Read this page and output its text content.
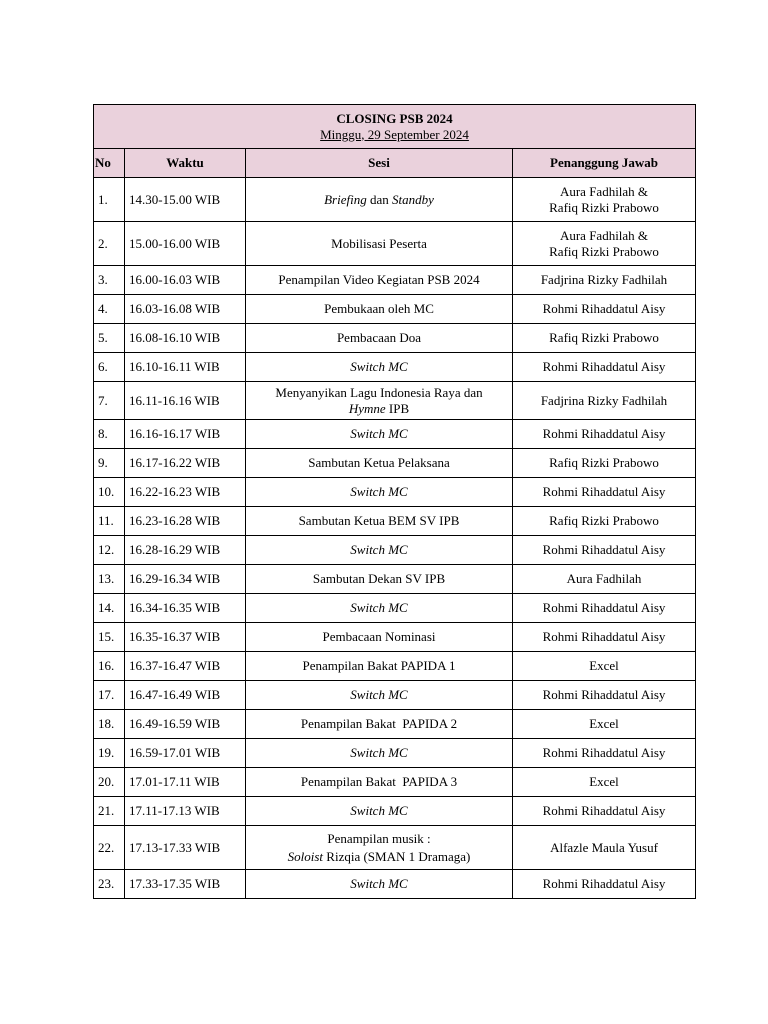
CLOSING PSB 2024
Minggu, 29 September 2024			

No	Waktu	Sesi	Penanggung Jawab
1.	14.30-15.00 WIB	Briefing dan Standby	Aura Fadhilah &
Rafiq Rizki Prabowo

2.	15.00-16.00 WIB	Mobilisasi Peserta	Aura Fadhilah &
Rafiq Rizki Prabowo

3.	16.00-16.03 WIB	Penampilan Video Kegiatan PSB 2024	Fadjrina Rizky Fadhilah
4.	16.03-16.08 WIB	Pembukaan oleh MC	Rohmi Rihaddatul Aisy
5.	16.08-16.10 WIB	Pembacaan Doa	Rafiq Rizki Prabowo
6.	16.10-16.11 WIB	Switch MC	Rohmi Rihaddatul Aisy
7.	16.11-16.16 WIB	Menyanyikan Lagu Indonesia Raya dan
Hymne IPB	Fadjrina Rizky Fadhilah
8.	16.16-16.17 WIB	Switch MC	Rohmi Rihaddatul Aisy
9.	16.17-16.22 WIB	Sambutan Ketua Pelaksana	Rafiq Rizki Prabowo
10.	16.22-16.23 WIB	Switch MC	Rohmi Rihaddatul Aisy
11.	16.23-16.28 WIB	Sambutan Ketua BEM SV IPB	Rafiq Rizki Prabowo
12.	16.28-16.29 WIB	Switch MC	Rohmi Rihaddatul Aisy
13.	16.29-16.34 WIB	Sambutan Dekan SV IPB	Aura Fadhilah
14.	16.34-16.35 WIB	Switch MC	Rohmi Rihaddatul Aisy
15.	16.35-16.37 WIB	Pembacaan Nominasi	Rohmi Rihaddatul Aisy
16.	16.37-16.47 WIB	Penampilan Bakat PAPIDA 1	Excel
17.	16.47-16.49 WIB	Switch MC	Rohmi Rihaddatul Aisy
18.	16.49-16.59 WIB	Penampilan Bakat  PAPIDA 2	Excel
19.	16.59-17.01 WIB	Switch MC	Rohmi Rihaddatul Aisy
20.	17.01-17.11 WIB	Penampilan Bakat  PAPIDA 3	Excel
21.	17.11-17.13 WIB	Switch MC	Rohmi Rihaddatul Aisy
22.	17.13-17.33 WIB	Penampilan musik :
Soloist Rizqia (SMAN 1 Dramaga)	Alfazle Maula Yusuf
23.	17.33-17.35 WIB	Switch MC	Rohmi Rihaddatul Aisy
